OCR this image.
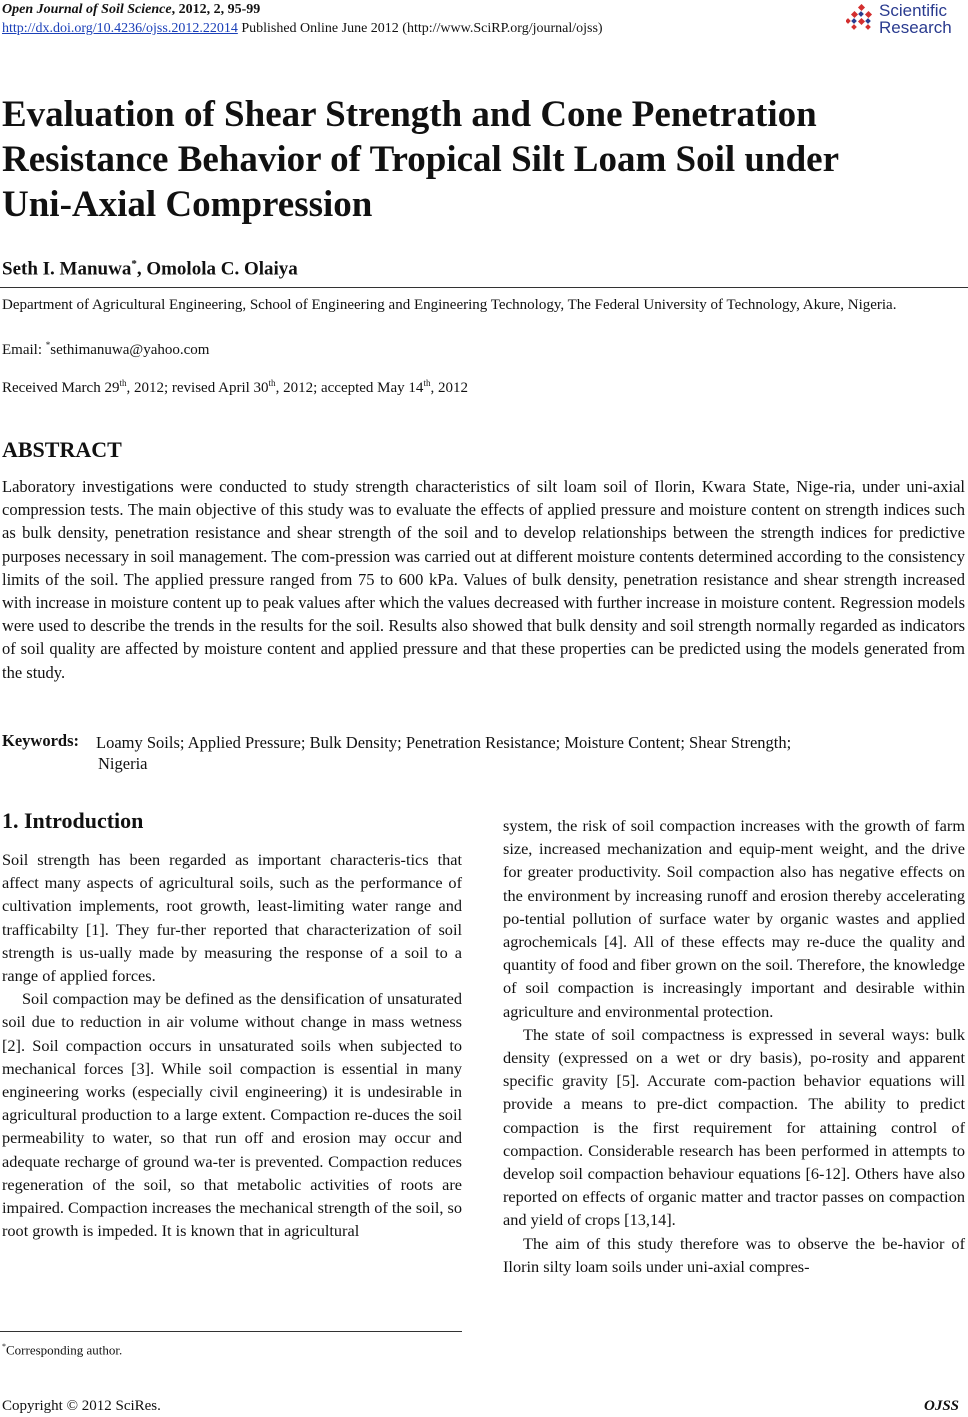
Open Journal of Soil Science, 2012, 2, 95-99
http://dx.doi.org/10.4236/ojss.2012.22014 Published Online June 2012 (http://www.SciRP.org/journal/ojss)
Scientific
Research
Evaluation of Shear Strength and Cone Penetration
Resistance Behavior of Tropical Silt Loam Soil under
Uni-Axial Compression
Seth I. Manuwa*, Omolola C. Olaiya
Department of Agricultural Engineering, School of Engineering and Engineering Technology, The Federal University of Technology, Akure, Nigeria.
Email: *sethimanuwa@yahoo.com
Received March 29th, 2012; revised April 30th, 2012; accepted May 14th, 2012
ABSTRACT

Laboratory investigations were conducted to study strength characteristics of silt loam soil of Ilorin, Kwara State, Nige-ria, under uni-axial compression tests. The main objective of this study was to evaluate the effects of applied pressure and moisture content on strength indices such as bulk density, penetration resistance and shear strength of the soil and to develop relationships between the strength indices for predictive purposes necessary in soil management. The com-pression was carried out at different moisture contents determined according to the consistency limits of the soil. The applied pressure ranged from 75 to 600 kPa. Values of bulk density, penetration resistance and shear strength increased with increase in moisture content up to peak values after which the values decreased with further increase in moisture content. Regression models were used to describe the trends in the results for the soil. Results also showed that bulk density and soil strength normally regarded as indicators of soil quality are affected by moisture content and applied pressure and that these properties can be predicted using the models generated from the study.

Keywords:	Loamy Soils; Applied Pressure; Bulk Density; Penetration Resistance; Moisture Content; Shear Strength;
Nigeria
1. Introduction

Soil strength has been regarded as important characteris-tics that affect many aspects of agricultural soils, such as the performance of cultivation implements, root growth, least-limiting water range and trafficabilty [1]. They fur-ther reported that characterization of soil strength is us-ually made by measuring the response of a soil to a range of applied forces.

Soil compaction may be defined as the densification of unsaturated soil due to reduction in air volume without change in mass wetness [2]. Soil compaction occurs in unsaturated soils when subjected to mechanical forces [3]. While soil compaction is essential in many engineering works (especially civil engineering) it is undesirable in agricultural production to a large extent. Compaction re-duces the soil permeability to water, so that run off and erosion may occur and adequate recharge of ground wa-ter is prevented. Compaction reduces regeneration of the soil, so that metabolic activities of roots are impaired. Compaction increases the mechanical strength of the soil, so root growth is impeded. It is known that in agricultural

system, the risk of soil compaction increases with the growth of farm size, increased mechanization and equip-ment weight, and the drive for greater productivity. Soil compaction also has negative effects on the environment by increasing runoff and erosion thereby accelerating po-tential pollution of surface water by organic wastes and applied agrochemicals [4]. All of these effects may re-duce the quality and quantity of food and fiber grown on the soil. Therefore, the knowledge of soil compaction is increasingly important and desirable within agriculture and environmental protection.

The state of soil compactness is expressed in several ways: bulk density (expressed on a wet or dry basis), po-rosity and apparent specific gravity [5]. Accurate com-paction behavior equations will provide a means to pre-dict compaction. The ability to predict compaction is the first requirement for attaining control of compaction. Considerable research has been performed in attempts to develop soil compaction behaviour equations [6-12]. Others have also reported on effects of organic matter and tractor passes on compaction and yield of crops [13,14].

The aim of this study therefore was to observe the be-havior of Ilorin silty loam soils under uni-axial compres-

*Corresponding author.
Copyright © 2012 SciRes.	OJSS
